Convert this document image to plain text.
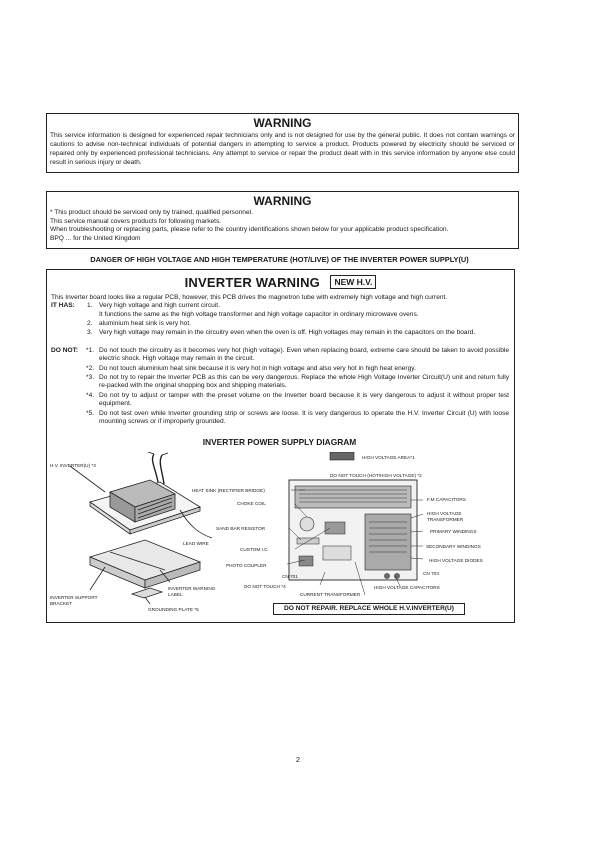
WARNING

This service information is designed for experienced repair technicians only and is not designed for use by the general public. It does not contain warnings or cautions to advise non-technical individuals of potential dangers in attempting to service a product. Products powered by electricity should be serviced or repaired only by experienced professional technicians. Any attempt to service or repair the product dealt with in this service information by anyone else could result in serious injury or death.

WARNING

* This product should be serviced only by trained, qualified personnel.

This service manual covers products for following markets.

When troubleshooting or replacing parts, please refer to the country identifications shown below for your applicable product specification.

BPQ ... for the United Kingdom

DANGER OF HIGH VOLTAGE AND HIGH TEMPERATURE (HOT/LIVE) OF THE INVERTER POWER SUPPLY(U)
INVERTER WARNING NEW H.V.
This Inverter board looks like a regular PCB, however, this PCB drives the magnetron tube with extremely high voltage and high current.
IT HAS: 1. Very high voltage and high current circuit.
It functions the same as the high voltage transformer and high voltage capacitor in ordinary microwave ovens.
2. aluminium heat sink is very hot.
3. Very high voltage may remain in the circuitry even when the oven is off. High voltages may remain in the capacitors on the board.
DO NOT: *1. Do not touch the circuitry as it becomes very hot (high voltage). Even when replacing board, extreme care should be taken to avoid possible electric shock. High voltage may remain in the circuit.
*2. Do not touch aluminium heat sink because it is very hot in high voltage and also very hot in high heat energy.
*3. Do not try to repair the Inverter PCB as this can be very dangerous. Replace the whole High Voltage Inverter Circuit(U) unit and return fully re-packed with the original shopping box and shipping materials.
*4. Do not try to adjust or tamper with the preset volume on the Inverter board because it is very dangerous to adjust it without proper test equipment.
*5. Do not test oven while Inverter grounding strip or screws are loose. It is very dangerous to operate the H.V. Inverter Circuit (U) with loose mounting screws or if improperly grounded.
INVERTER POWER SUPPLY DIAGRAM
H.V. INVERTER(U) *3
LEAD WIRE
INVERTER SUPPORT
BRACKET
INVERTER WARNING
LABEL
GROUNDING PLATE *5
HIGH VOLTAGE AREA*1
DO NOT TOUCH (HOT/HIGH VOLTAGE) *2
HEAT SINK (RECTIFIER BRIDGE)
CHOKE COIL
SAND BAR RESISTOR
CUSTOM I.C.
PHOTO COUPLER
CN 701
DO NOT TOUCH *4
CURRENT TRANSFORMER
HIGH VOLTAGE CAPACITORS
CN 703
HIGH VOLTAGE DIODES
SECONDARY WINDINGS
PRIMARY WINDINGS
HIGH VOLTAGE
TRANSFORMER
F.M CAPACITORS
DO NOT REPAIR. REPLACE WHOLE H.V.INVERTER(U)
2
